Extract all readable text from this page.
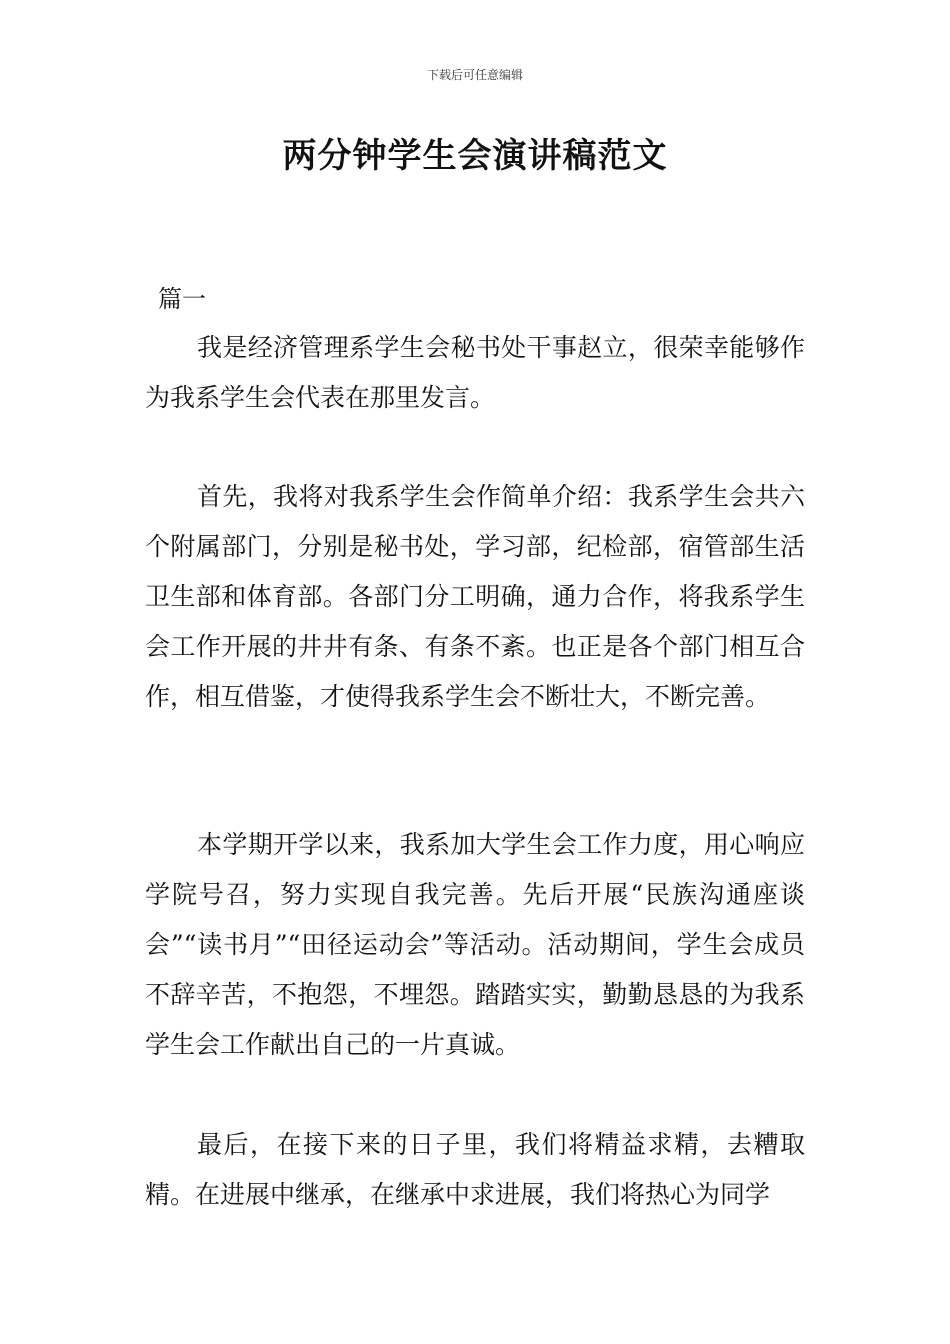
下载后可任意编辑
两分钟学生会演讲稿范文
篇一

我是经济管理系学生会秘书处干事赵立，很荣幸能够作为我系学生会代表在那里发言。

首先，我将对我系学生会作简单介绍：我系学生会共六个附属部门，分别是秘书处，学习部，纪检部，宿管部生活卫生部和体育部。各部门分工明确，通力合作，将我系学生会工作开展的井井有条、有条不紊。也正是各个部门相互合作，相互借鉴，才使得我系学生会不断壮大，不断完善。

本学期开学以来，我系加大学生会工作力度，用心响应学院号召，努力实现自我完善。先后开展“民族沟通座谈会”“读书月”“田径运动会”等活动。活动期间，学生会成员不辞辛苦，不抱怨，不埋怨。踏踏实实，勤勤恳恳的为我系学生会工作献出自己的一片真诚。

最后，在接下来的日子里，我们将精益求精，去糟取精。在进展中继承，在继承中求进展，我们将热心为同学
